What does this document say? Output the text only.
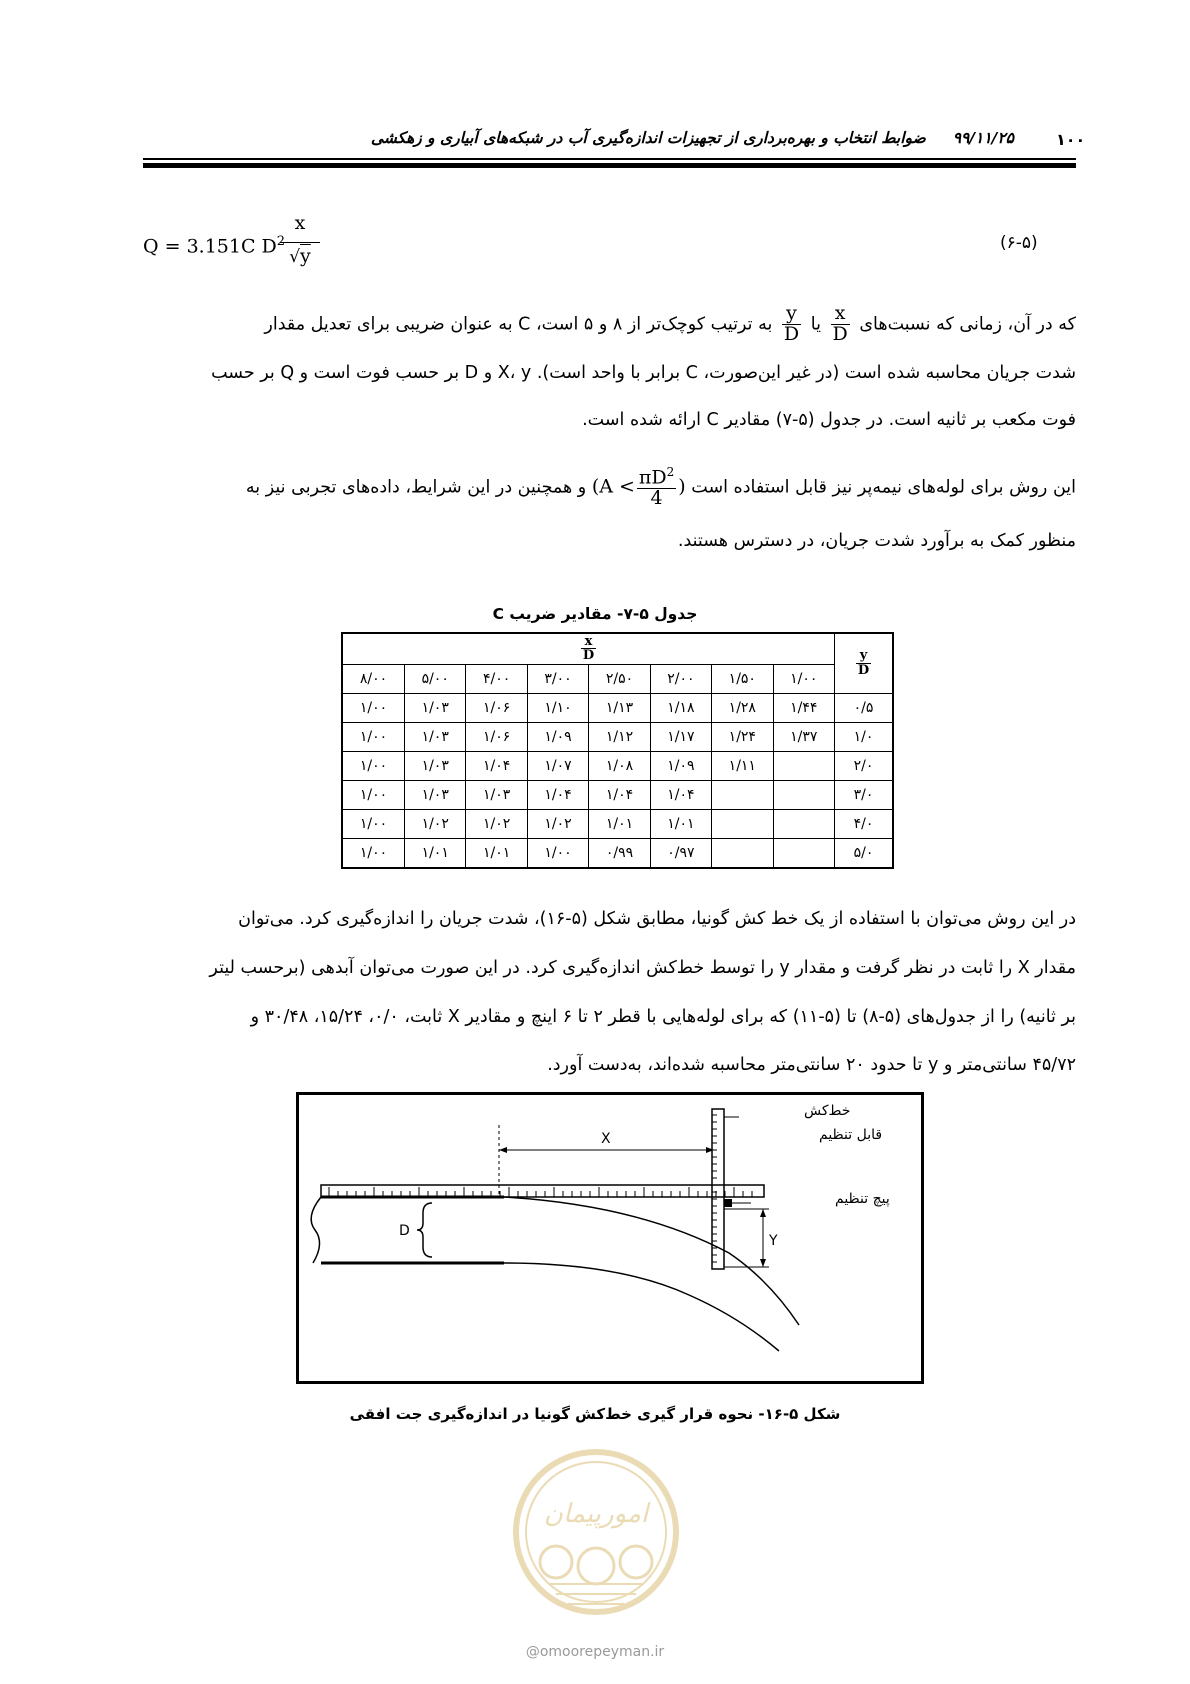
۱۰۰
۹۹/۱۱/۲۵     ضوابط انتخاب و بهره‌برداری از تجهیزات اندازه‌گیری آب در شبکه‌های آبیاری و زهکشی
Q = 3.151C $D^2$
x
√y
(۶-۵)
که در آن، زمانی که نسبت‌های
$\frac{x}{D}$
یا
$\frac{y}{D}$
به ترتیب کوچک‌تر از ۸ و ۵ است، C به عنوان ضریبی برای تعدیل مقدار
شدت جریان محاسبه شده است (در غیر این‌صورت، C برابر با واحد است). X، y و D بر حسب فوت است و Q بر حسب
فوت مکعب بر ثانیه است. در جدول (۵-۷) مقادیر C ارائه شده است.
این روش برای لوله‌های نیمه‌پر نیز قابل استفاده است ($A < \frac{\pi D^2}{4}$ ) و همچنین در این شرایط، داده‌های تجربی نیز به
منظور کمک به برآورد شدت جریان، در دسترس هستند.
جدول ۵-۷- مقادیر ضریب C
$\frac{x}{D}$								$\frac{y}{D}$

۸/۰۰	۵/۰۰	۴/۰۰	۳/۰۰	۲/۵۰	۲/۰۰	۱/۵۰	۱/۰۰	
۱/۰۰	۱/۰۳	۱/۰۶	۱/۱۰	۱/۱۳	۱/۱۸	۱/۲۸	۱/۴۴	۰/۵
۱/۰۰	۱/۰۳	۱/۰۶	۱/۰۹	۱/۱۲	۱/۱۷	۱/۲۴	۱/۳۷	۱/۰
۱/۰۰	۱/۰۳	۱/۰۴	۱/۰۷	۱/۰۸	۱/۰۹	۱/۱۱		۲/۰
۱/۰۰	۱/۰۳	۱/۰۳	۱/۰۴	۱/۰۴	۱/۰۴			۳/۰
۱/۰۰	۱/۰۲	۱/۰۲	۱/۰۲	۱/۰۱	۱/۰۱			۴/۰
۱/۰۰	۱/۰۱	۱/۰۱	۱/۰۰	۰/۹۹	۰/۹۷			۵/۰
در این روش می‌توان با استفاده از یک خط کش گونیا، مطابق شکل (۵-۱۶)، شدت جریان را اندازه‌گیری کرد. می‌توان
مقدار X را ثابت در نظر گرفت و مقدار y را توسط خط‌کش اندازه‌گیری کرد. در این صورت می‌توان آبدهی (برحسب لیتر
بر ثانیه) را از جدول‌های (۵-۸) تا (۵-۱۱) که برای لوله‌هایی با قطر ۲ تا ۶ اینچ و مقادیر X ثابت، ۰/۰، ۱۵/۲۴، ۳۰/۴۸ و
۴۵/۷۲ سانتی‌متر و y تا حدود ۲۰ سانتی‌متر محاسبه شده‌اند، به‌دست آورد.
D
X
Y
خط‌کش
قابل تنظیم
پیچ تنظیم
شکل ۵-۱۶- نحوه قرار گیری خط‌کش گونیا در اندازه‌گیری جت افقی
امورپیمان
@omoorepeyman.ir
